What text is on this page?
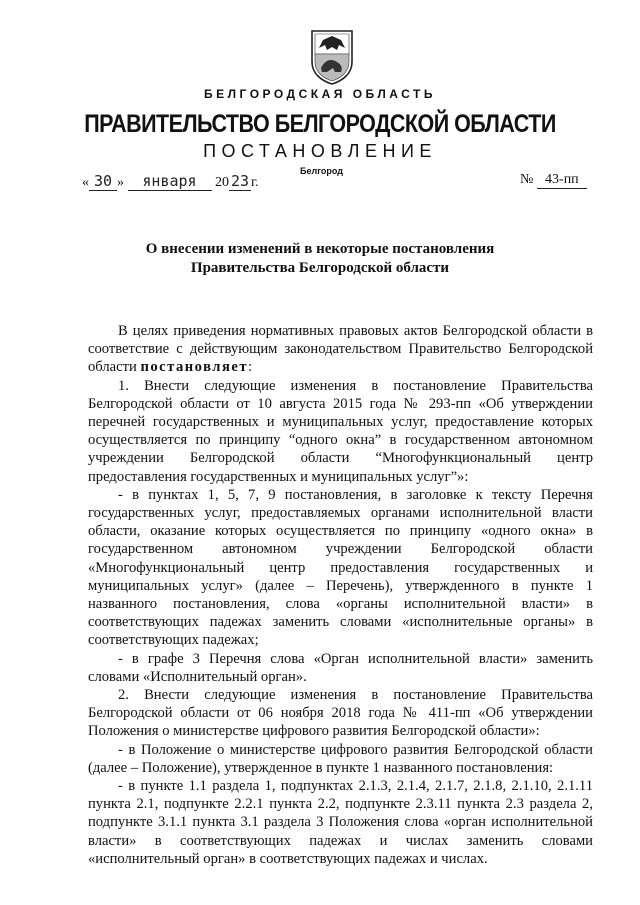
БЕЛГОРОДСКАЯ ОБЛАСТЬ
ПРАВИТЕЛЬСТВО БЕЛГОРОДСКОЙ ОБЛАСТИ
ПОСТАНОВЛЕНИЕ
Белгород
« 30 » января 20 23 г.	№ 43-пп
О внесении изменений в некоторые постановления
Правительства Белгородской области

В целях приведения нормативных правовых актов Белгородской области в соответствие с действующим законодательством Правительство Белгородской области постановляет:

1. Внести следующие изменения в постановление Правительства Белгородской области от 10 августа 2015 года № 293-пп «Об утверждении перечней государственных и муниципальных услуг, предоставление которых осуществляется по принципу “одного окна” в государственном автономном учреждении Белгородской области “Многофункциональный центр предоставления государственных и муниципальных услуг”»:

- в пунктах 1, 5, 7, 9 постановления, в заголовке к тексту Перечня государственных услуг, предоставляемых органами исполнительной власти области, оказание которых осуществляется по принципу «одного окна» в государственном автономном учреждении Белгородской области «Многофункциональный центр предоставления государственных и муниципальных услуг» (далее – Перечень), утвержденного в пункте 1 названного постановления, слова «органы исполнительной власти» в соответствующих падежах заменить словами «исполнительные органы» в соответствующих падежах;

- в графе 3 Перечня слова «Орган исполнительной власти» заменить словами «Исполнительный орган».

2. Внести следующие изменения в постановление Правительства Белгородской области от 06 ноября 2018 года № 411-пп «Об утверждении Положения о министерстве цифрового развития Белгородской области»:

- в Положение о министерстве цифрового развития Белгородской области (далее – Положение), утвержденное в пункте 1 названного постановления:

- в пункте 1.1 раздела 1, подпунктах 2.1.3, 2.1.4, 2.1.7, 2.1.8, 2.1.10, 2.1.11 пункта 2.1, подпункте 2.2.1 пункта 2.2, подпункте 2.3.11 пункта 2.3 раздела 2, подпункте 3.1.1 пункта 3.1 раздела 3 Положения слова «орган исполнительной власти» в соответствующих падежах и числах заменить словами «исполнительный орган» в соответствующих падежах и числах.
